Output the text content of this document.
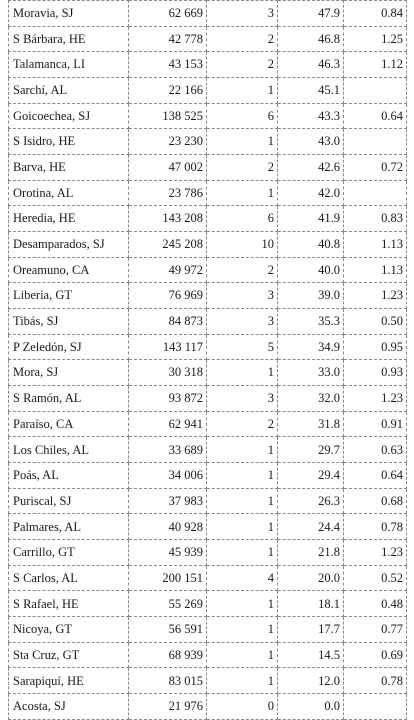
Moravia, SJ	62 669	3	47.9	0.84
S Bárbara, HE	42 778	2	46.8	1.25
Talamanca, LI	43 153	2	46.3	1.12
Sarchí, AL	22 166	1	45.1	
Goicoechea, SJ	138 525	6	43.3	0.64
S Isidro, HE	23 230	1	43.0	
Barva, HE	47 002	2	42.6	0.72
Orotina, AL	23 786	1	42.0	
Heredia, HE	143 208	6	41.9	0.83
Desamparados, SJ	245 208	10	40.8	1.13
Oreamuno, CA	49 972	2	40.0	1.13
Liberia, GT	76 969	3	39.0	1.23
Tibás, SJ	84 873	3	35.3	0.50
P Zeledón, SJ	143 117	5	34.9	0.95
Mora, SJ	30 318	1	33.0	0.93
S Ramón, AL	93 872	3	32.0	1.23
Paraíso, CA	62 941	2	31.8	0.91
Los Chiles, AL	33 689	1	29.7	0.63
Poás, AL	34 006	1	29.4	0.64
Puriscal, SJ	37 983	1	26.3	0.68
Palmares, AL	40 928	1	24.4	0.78
Carrillo, GT	45 939	1	21.8	1.23
S Carlos, AL	200 151	4	20.0	0.52
S Rafael, HE	55 269	1	18.1	0.48
Nicoya, GT	56 591	1	17.7	0.77
Sta Cruz, GT	68 939	1	14.5	0.69
Sarapiquí, HE	83 015	1	12.0	0.78
Acosta, SJ	21 976	0	0.0	
